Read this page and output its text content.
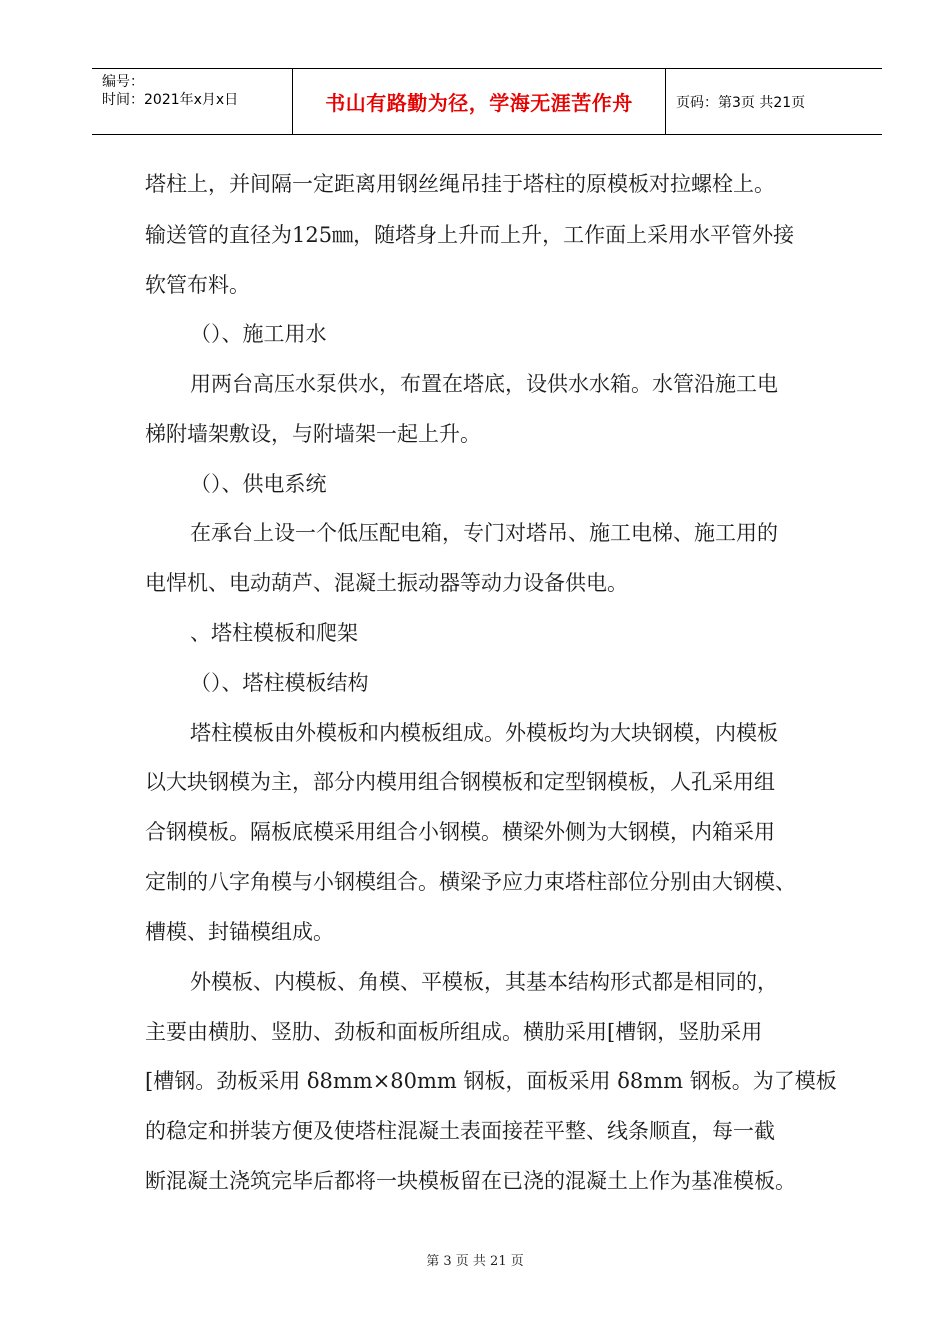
编号：
时间：2021年x月x日	书山有路勤为径，学海无涯苦作舟	页码：第3页 共21页
塔柱上，并间隔一定距离用钢丝绳吊挂于塔柱的原模板对拉螺栓上。
输送管的直径为125㎜，随塔身上升而上升，工作面上采用水平管外接
软管布料。
（）、施工用水
用两台高压水泵供水，布置在塔底，设供水水箱。水管沿施工电
梯附墙架敷设，与附墙架一起上升。
（）、供电系统
在承台上设一个低压配电箱，专门对塔吊、施工电梯、施工用的
电悍机、电动葫芦、混凝土振动器等动力设备供电。
、塔柱模板和爬架
（）、塔柱模板结构
塔柱模板由外模板和内模板组成。外模板均为大块钢模，内模板
以大块钢模为主，部分内模用组合钢模板和定型钢模板，人孔采用组
合钢模板。隔板底模采用组合小钢模。横梁外侧为大钢模，内箱采用
定制的八字角模与小钢模组合。横梁予应力束塔柱部位分别由大钢模、
槽模、封锚模组成。
外模板、内模板、角模、平模板，其基本结构形式都是相同的，
主要由横肋、竖肋、劲板和面板所组成。横肋采用[槽钢，竖肋采用
[槽钢。劲板采用 δ8mm×80mm 钢板，面板采用 δ8mm 钢板。为了模板
的稳定和拼装方便及使塔柱混凝土表面接茬平整、线条顺直，每一截
断混凝土浇筑完毕后都将一块模板留在已浇的混凝土上作为基准模板。
第 3 页 共 21 页
